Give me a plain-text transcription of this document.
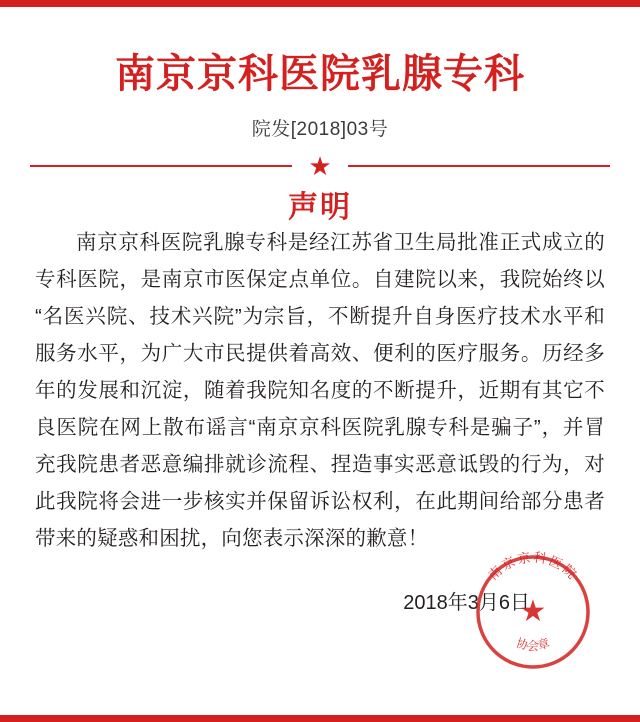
南京京科医院乳腺专科
院发[2018]03号
★
声明
南京京科医院乳腺专科是经江苏省卫生局批准正式成立的专科医院，是南京市医保定点单位。自建院以来，我院始终以“名医兴院、技术兴院”为宗旨，不断提升自身医疗技术水平和服务水平，为广大市民提供着高效、便利的医疗服务。历经多年的发展和沉淀，随着我院知名度的不断提升，近期有其它不良医院在网上散布谣言“南京京科医院乳腺专科是骗子”，并冒充我院患者恶意编排就诊流程、捏造事实恶意诋毁的行为，对此我院将会进一步核实并保留诉讼权利，在此期间给部分患者带来的疑惑和困扰，向您表示深深的歉意！
2018年3月6日
南京京科医院
协会章
★
